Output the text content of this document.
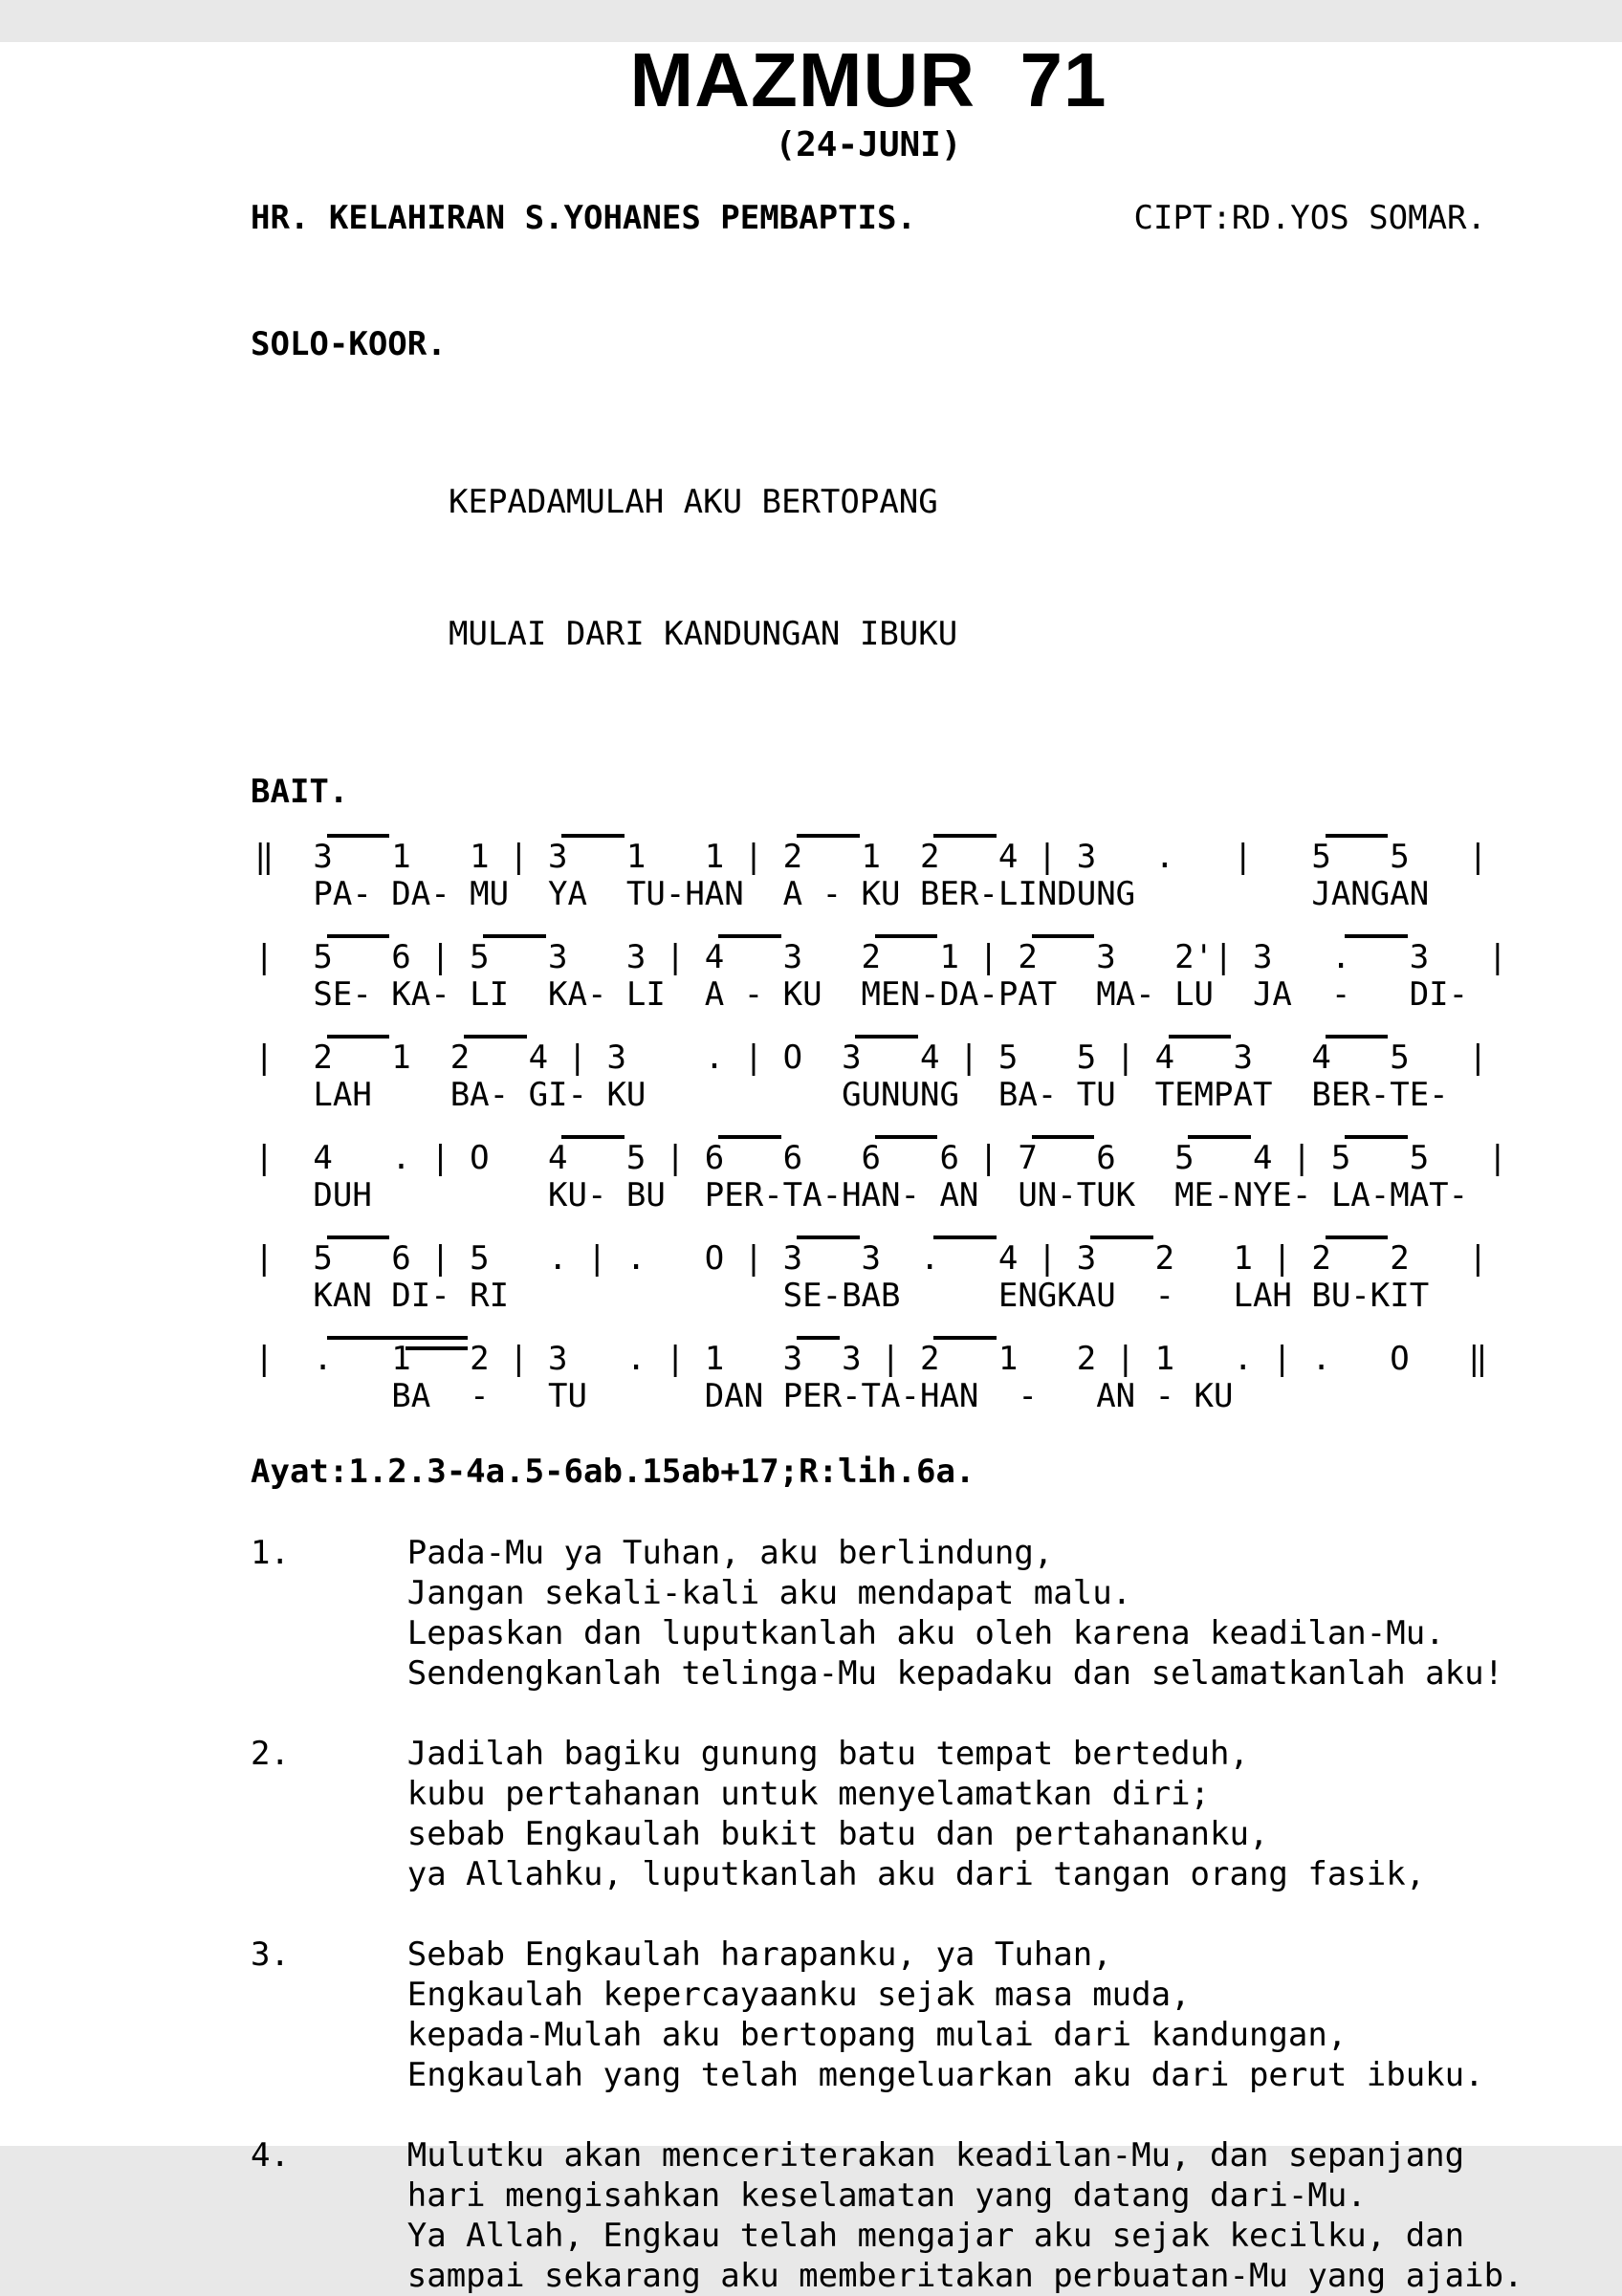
MAZMUR  71
(24-JUNI)
HR. KELAHIRAN S.YOHANES PEMBAPTIS.	CIPT:RD.YOS SOMAR.
SOLO-KOOR.

KEPADAMULAH AKU BERTOPANG

MULAI DARI KANDUNGAN IBUKU

BAIT.
‖  3   1   1 | 3   1   1 | 2   1  2   4 | 3   .   |   5   5   |
PA- DA- MU  YA  TU-HAN  A - KU BER-LINDUNG         JANGAN
|  5   6 | 5   3   3 | 4   3   2   1 | 2   3   2'| 3   .   3   |
SE- KA- LI  KA- LI  A - KU  MEN-DA-PAT  MA- LU  JA  -   DI-
|  2   1  2   4 | 3    . | O  3   4 | 5   5 | 4   3   4   5   |
LAH    BA- GI- KU          GUNUNG  BA- TU  TEMPAT  BER-TE-
|  4   . | O   4   5 | 6   6   6   6 | 7   6   5   4 | 5   5   |
DUH         KU- BU  PER-TA-HAN- AN  UN-TUK  ME-NYE- LA-MAT-
|  5   6 | 5   . | .   O | 3   3  .   4 | 3   2   1 | 2   2   |
KAN DI- RI              SE-BAB     ENGKAU  -   LAH BU-KIT
|  .   1   2 | 3   . | 1   3  3 | 2   1   2 | 1   . | .   O   ‖
BA  -   TU      DAN PER-TA-HAN  -   AN - KU
Ayat:1.2.3-4a.5-6ab.15ab+17;R:lih.6a.
1.      Pada-Mu ya Tuhan, aku berlindung,
Jangan sekali-kali aku mendapat malu.
Lepaskan dan luputkanlah aku oleh karena keadilan-Mu.
Sendengkanlah telinga-Mu kepadaku dan selamatkanlah aku!
2.      Jadilah bagiku gunung batu tempat berteduh,
kubu pertahanan untuk menyelamatkan diri;
sebab Engkaulah bukit batu dan pertahananku,
ya Allahku, luputkanlah aku dari tangan orang fasik,
3.      Sebab Engkaulah harapanku, ya Tuhan,
Engkaulah kepercayaanku sejak masa muda,
kepada-Mulah aku bertopang mulai dari kandungan,
Engkaulah yang telah mengeluarkan aku dari perut ibuku.
4.      Mulutku akan menceriterakan keadilan-Mu, dan sepanjang
hari mengisahkan keselamatan yang datang dari-Mu.
Ya Allah, Engkau telah mengajar aku sejak kecilku, dan
sampai sekarang aku memberitakan perbuatan-Mu yang ajaib.
